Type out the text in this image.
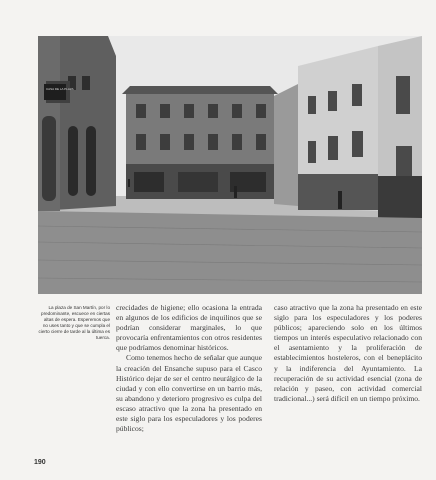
CASA DE LA PLAZA

La plaza de San Martín, por lo predominante, escuece en ciertas altas de espera. Esperemos que no uses tanto y que se cumpla el cierto cierre de tarde al la última es tuerca.

crecidades de higiene; ello ocasiona la entrada en algunos de los edificios de inquilinos que se podrían considerar marginales, lo que provocaría enfrentamientos con otros residentes que podríamos denominar históricos.

Como tenemos hecho de señalar que aunque la creación del Ensanche supuso para el Casco Histórico dejar de ser el centro neurálgico de la ciudad y con ello convertirse en un barrio más, su abandono y deterioro progresivo es culpa del escaso atractivo que la zona ha presentado en este siglo para los especuladores y los poderes públicos;

caso atractivo que la zona ha presentado en este siglo para los especuladores y los poderes públicos; apareciendo solo en los últimos tiempos un interés especulativo relacionado con el asentamiento y la proliferación de establecimientos hosteleros, con el beneplácito y la indiferencia del Ayuntamiento. La recuperación de su actividad esencial (zona de relación y paseo, con actividad comercial tradicional...) será difícil en un tiempo próximo.

190
